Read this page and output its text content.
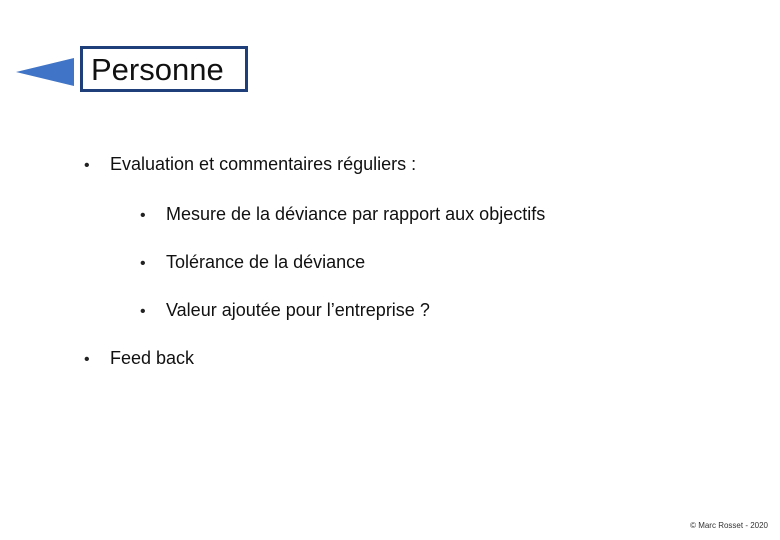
Personne
•	Evaluation et commentaires réguliers :
•	Mesure de la déviance par rapport aux objectifs
•	Tolérance de la déviance
•	Valeur ajoutée pour l’entreprise ?
•	Feed back
© Marc Rosset - 2020
